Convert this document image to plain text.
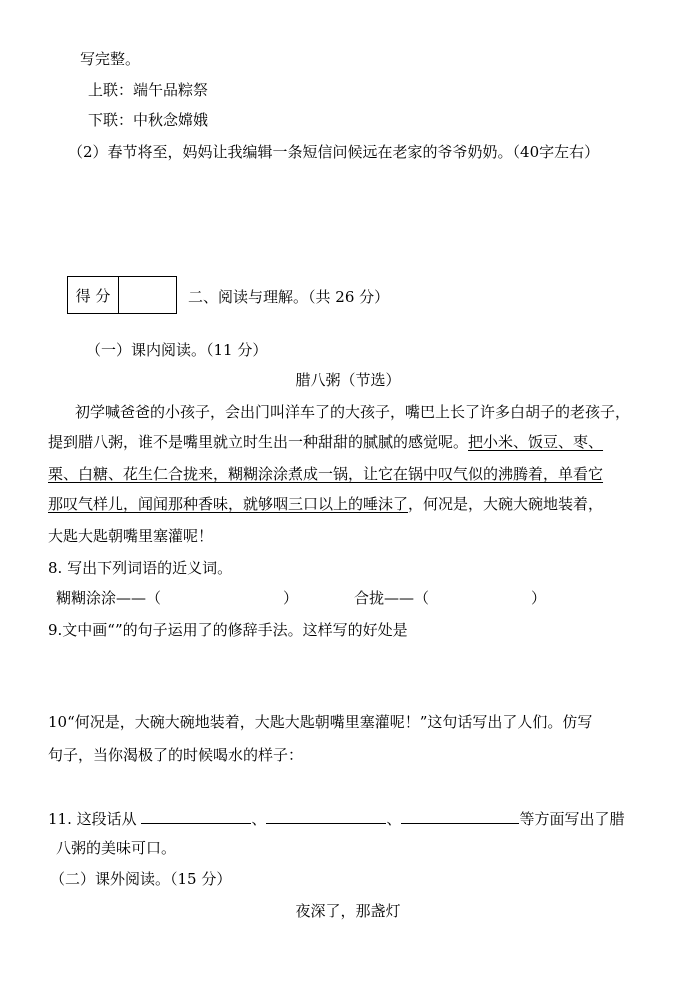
写完整。
上联：端午品粽祭
下联：中秋念嫦娥
（2）春节将至，妈妈让我编辑一条短信问候远在老家的爷爷奶奶。（40字左右）
得 分	二、阅读与理解。（共 26 分）
（一）课内阅读。（11 分）
腊八粥（节选）
初学喊爸爸的小孩子，会出门叫洋车了的大孩子，嘴巴上长了许多白胡子的老孩子，
提到腊八粥，谁不是嘴里就立时生出一种甜甜的腻腻的感觉呢。把小米、饭豆、枣、
栗、白糖、花生仁合拢来，糊糊涂涂煮成一锅，让它在锅中叹气似的沸腾着，单看它
那叹气样儿，闻闻那种香味，就够咽三口以上的唾沫了，何况是，大碗大碗地装着，
大匙大匙朝嘴里塞灌呢！
8. 写出下列词语的近义词。
糊糊涂涂——（	）	合拢——（	）
9.文中画“”的句子运用了的修辞手法。这样写的好处是
10“何况是，大碗大碗地装着，大匙大匙朝嘴里塞灌呢！”这句话写出了人们。仿写
句子，当你渴极了的时候喝水的样子：
11. 这段话从	、	、	等方面写出了腊
八粥的美味可口。
（二）课外阅读。（15 分）
夜深了，那盏灯
